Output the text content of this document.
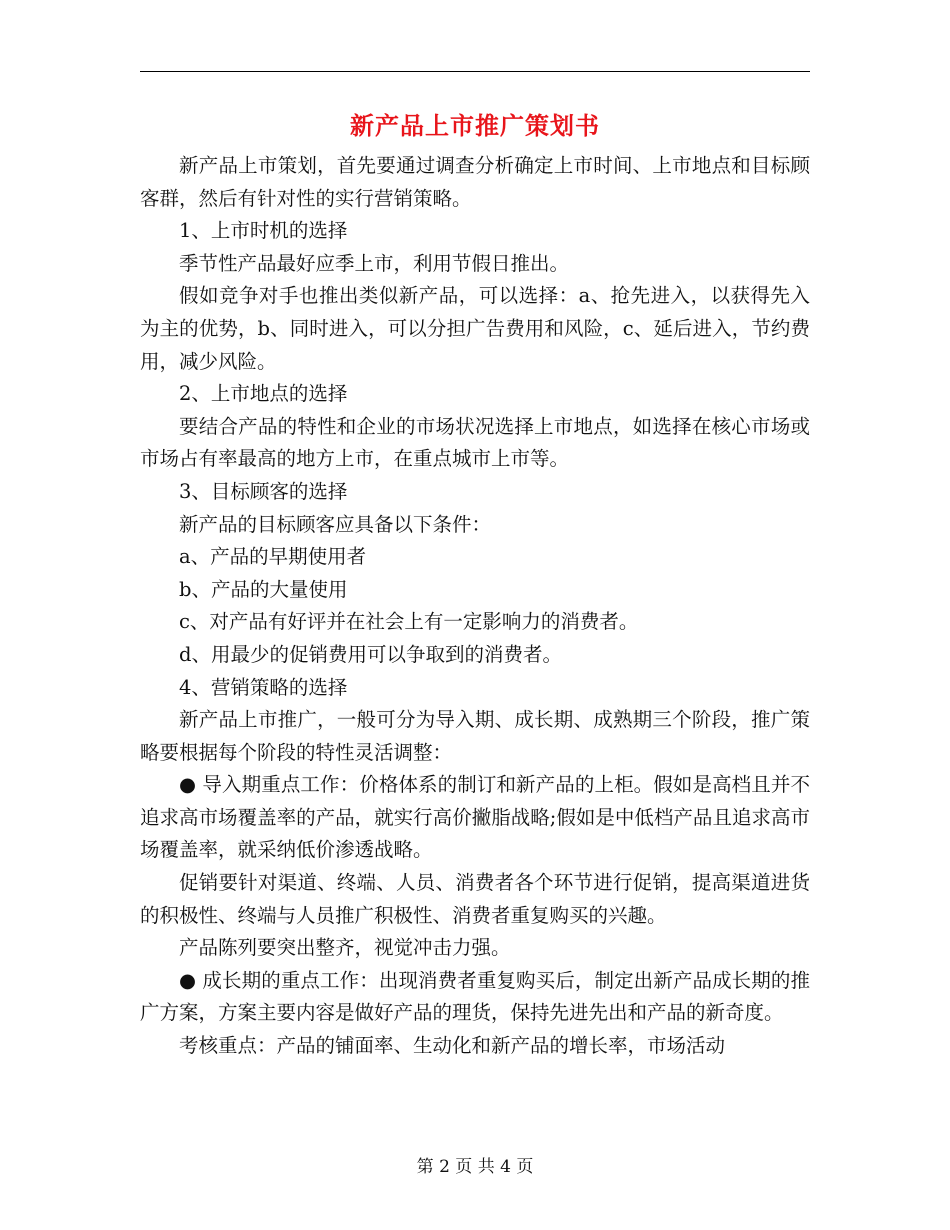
新产品上市推广策划书

新产品上市策划，首先要通过调查分析确定上市时间、上市地点和目标顾客群，然后有针对性的实行营销策略。

1、上市时机的选择

季节性产品最好应季上市，利用节假日推出。

假如竞争对手也推出类似新产品，可以选择：a、抢先进入，以获得先入为主的优势，b、同时进入，可以分担广告费用和风险，c、延后进入，节约费用，减少风险。

2、上市地点的选择

要结合产品的特性和企业的市场状况选择上市地点，如选择在核心市场或市场占有率最高的地方上市，在重点城市上市等。

3、目标顾客的选择

新产品的目标顾客应具备以下条件：

a、产品的早期使用者

b、产品的大量使用

c、对产品有好评并在社会上有一定影响力的消费者。

d、用最少的促销费用可以争取到的消费者。

4、营销策略的选择

新产品上市推广，一般可分为导入期、成长期、成熟期三个阶段，推广策略要根据每个阶段的特性灵活调整：

● 导入期重点工作：价格体系的制订和新产品的上柜。假如是高档且并不追求高市场覆盖率的产品，就实行高价撇脂战略;假如是中低档产品且追求高市场覆盖率，就采纳低价渗透战略。

促销要针对渠道、终端、人员、消费者各个环节进行促销，提高渠道进货的积极性、终端与人员推广积极性、消费者重复购买的兴趣。

产品陈列要突出整齐，视觉冲击力强。

● 成长期的重点工作：出现消费者重复购买后，制定出新产品成长期的推广方案，方案主要内容是做好产品的理货，保持先进先出和产品的新奇度。

考核重点：产品的铺面率、生动化和新产品的增长率，市场活动

第 2 页 共 4 页
